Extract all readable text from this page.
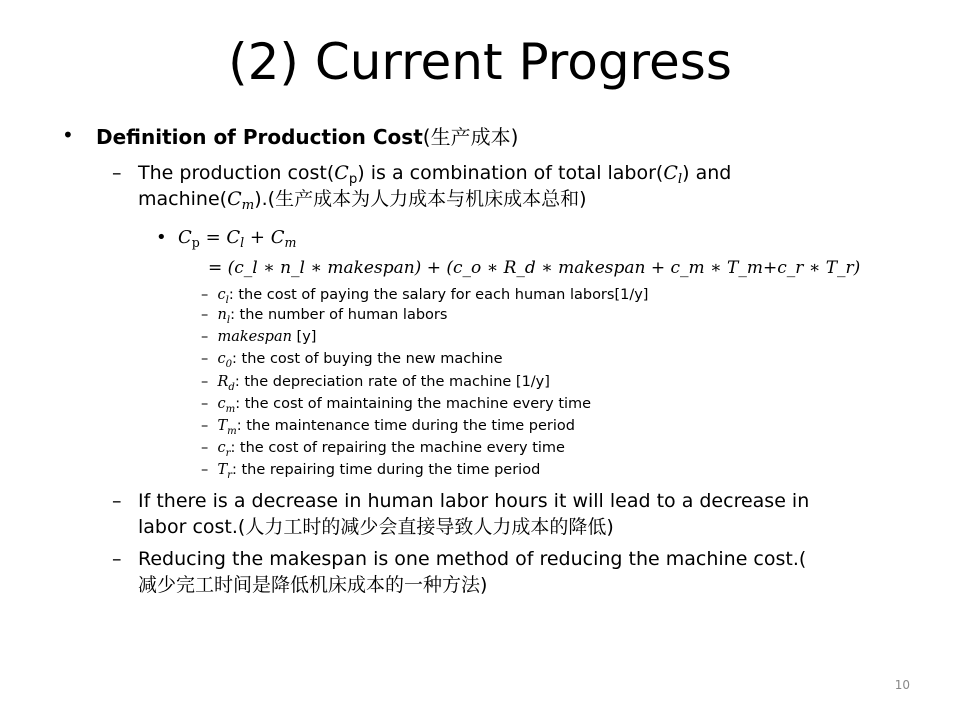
(2) Current Progress
• Definition of Production Cost(生产成本)
– The production $\cos t(C_p)$ is a combination of total $labor(C_l)$ and
$machine(C_m)$.(生产成本为人力成本与机床成本总和)
• $C_p = C_l + C_m$
= (c_l ∗ n_l ∗ makespan) + (c_o ∗ R_d ∗ makespan + c_m ∗ T_m+c_r ∗ T_r)
– $c_l$: the cost of paying the salary for each human labors[1/y]
– $n_l$: the number of human labors
– makespan [y]
– $c_0$: the cost of buying the new machine
– $R_d$: the depreciation rate of the machine [1/y]
– $c_m$: the cost of maintaining the machine every time
– $T_m$: the maintenance time during the time period
– $c_r$: the cost of repairing the machine every time
– $T_r$: the repairing time during the time period
– If there is a decrease in human labor hours it will lead to a decrease in
labor cost.(人力工时的减少会直接导致人力成本的降低)
– Reducing the makespan is one method of reducing the machine cost.(
减少完工时间是降低机床成本的一种方法)
10
